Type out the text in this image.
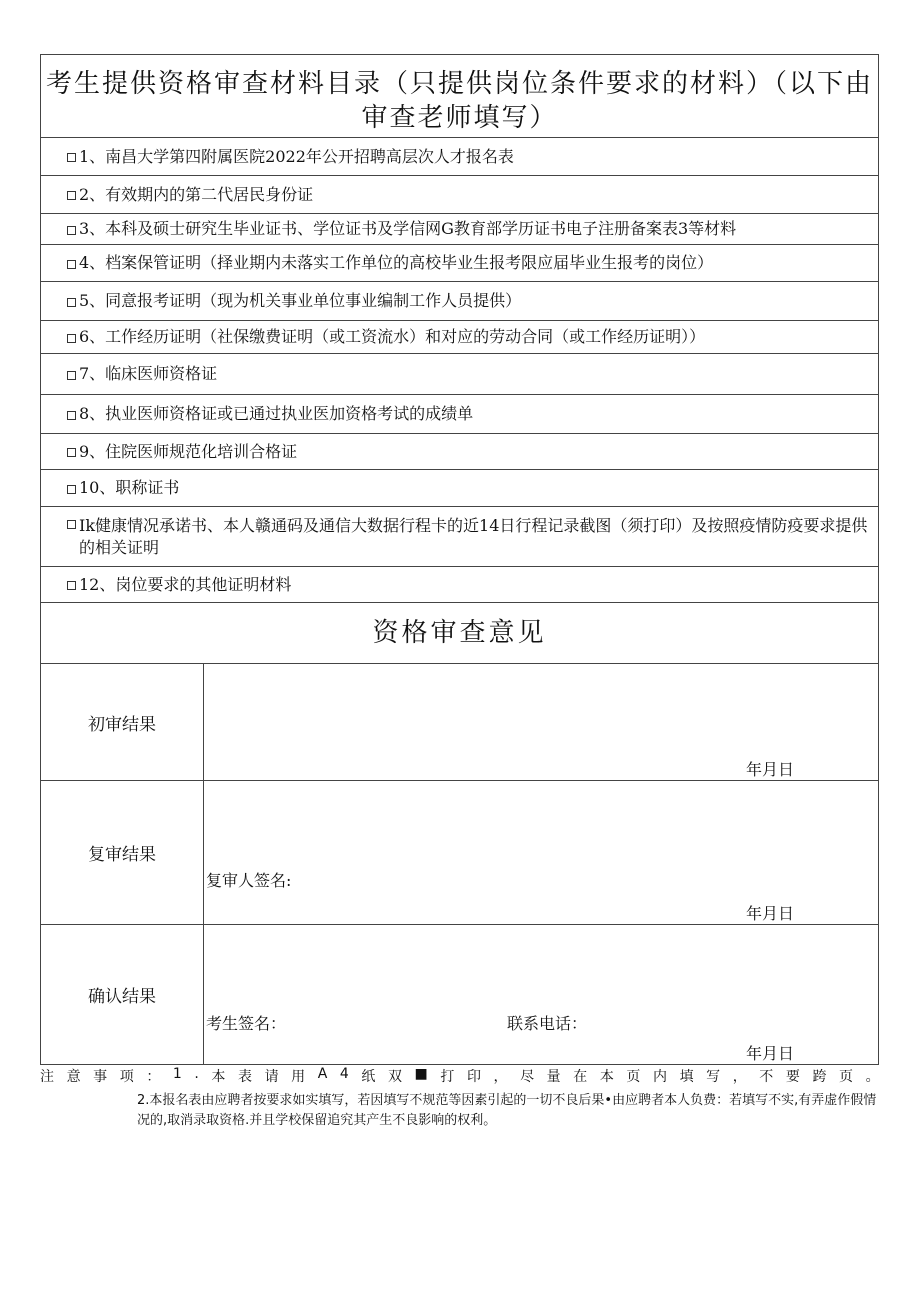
考生提供资格审查材料目录（只提供岗位条件要求的材料）（以下由审查老师填写）
1、南昌大学第四附属医院2022年公开招聘高层次人才报名表
2、有效期内的第二代居民身份证
3、本科及硕士研究生毕业证书、学位证书及学信网G教育部学历证书电子注册备案表3等材料
4、档案保管证明（择业期内未落实工作单位的高校毕业生报考限应届毕业生报考的岗位）
5、同意报考证明（现为机关事业单位事业编制工作人员提供）
6、工作经历证明（社保缴费证明（或工资流水）和对应的劳动合同（或工作经历证明））
7、临床医师资格证
8、执业医师资格证或已通过执业医加资格考试的成绩单
9、住院医师规范化培训合格证
10、职称证书
Ik健康情况承诺书、本人赣通码及通信大数据行程卡的近14日行程记录截图（须打印）及按照疫情防疫要求提供的相关证明
12、岗位要求的其他证明材料
资格审查意见
初审结果
年月日
复审结果
复审人签名:
年月日
确认结果
考生签名：	联系电话：
年月日
注 意 事 项 ： 1 . 本 表 请 用 A 4 纸 双 ■ 打 印 ， 尽 量 在 本 页 内 填 写 ， 不 要 跨 页 。
2.本报名表由应聘者按要求如实填写，若因填写不规范等因素引起的一切不良后果•由应聘者本人负费：若填写不实,有弄虚作假情况的,取消录取资格.并且学校保留追究其产生不良影响的权利。
